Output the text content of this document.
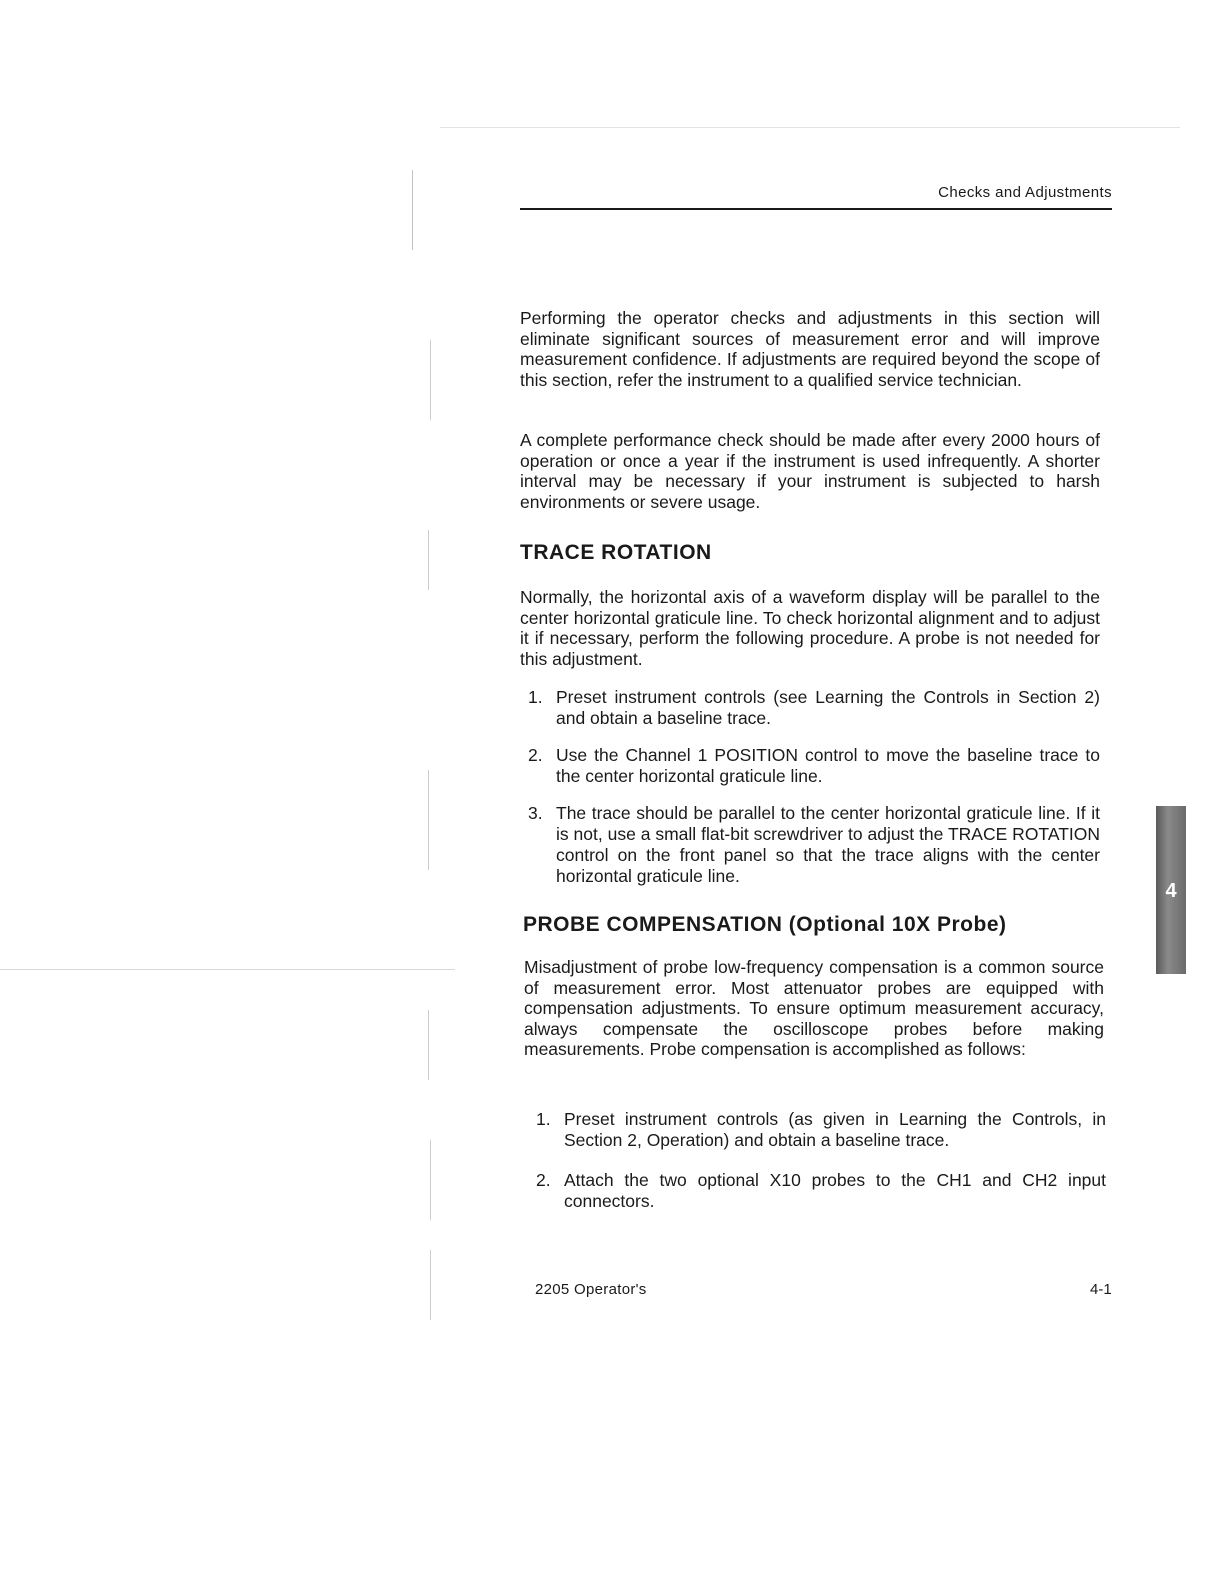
Checks and Adjustments

Performing the operator checks and adjustments in this section will eliminate significant sources of measurement error and will improve measurement confidence. If adjustments are required beyond the scope of this section, refer the instrument to a qualified service technician.

A complete performance check should be made after every 2000 hours of operation or once a year if the instrument is used infrequently. A shorter interval may be necessary if your instrument is subjected to harsh environments or severe usage.

TRACE ROTATION

Normally, the horizontal axis of a waveform display will be parallel to the center horizontal graticule line. To check horizontal alignment and to adjust it if necessary, perform the following procedure. A probe is not needed for this adjustment.

1. Preset instrument controls (see Learning the Controls in Section 2) and obtain a baseline trace.
2. Use the Channel 1 POSITION control to move the baseline trace to the center horizontal graticule line.
3. The trace should be parallel to the center horizontal graticule line. If it is not, use a small flat-bit screwdriver to adjust the TRACE ROTATION control on the front panel so that the trace aligns with the center horizontal graticule line.
PROBE COMPENSATION (Optional 10X Probe)

Misadjustment of probe low-frequency compensation is a common source of measurement error. Most attenuator probes are equipped with compensation adjustments. To ensure optimum measurement accuracy, always compensate the oscilloscope probes before making measurements. Probe compensation is accomplished as follows:

1. Preset instrument controls (as given in Learning the Controls, in Section 2, Operation) and obtain a baseline trace.
2. Attach the two optional X10 probes to the CH1 and CH2 input connectors.
2205 Operator's	4-1
4
